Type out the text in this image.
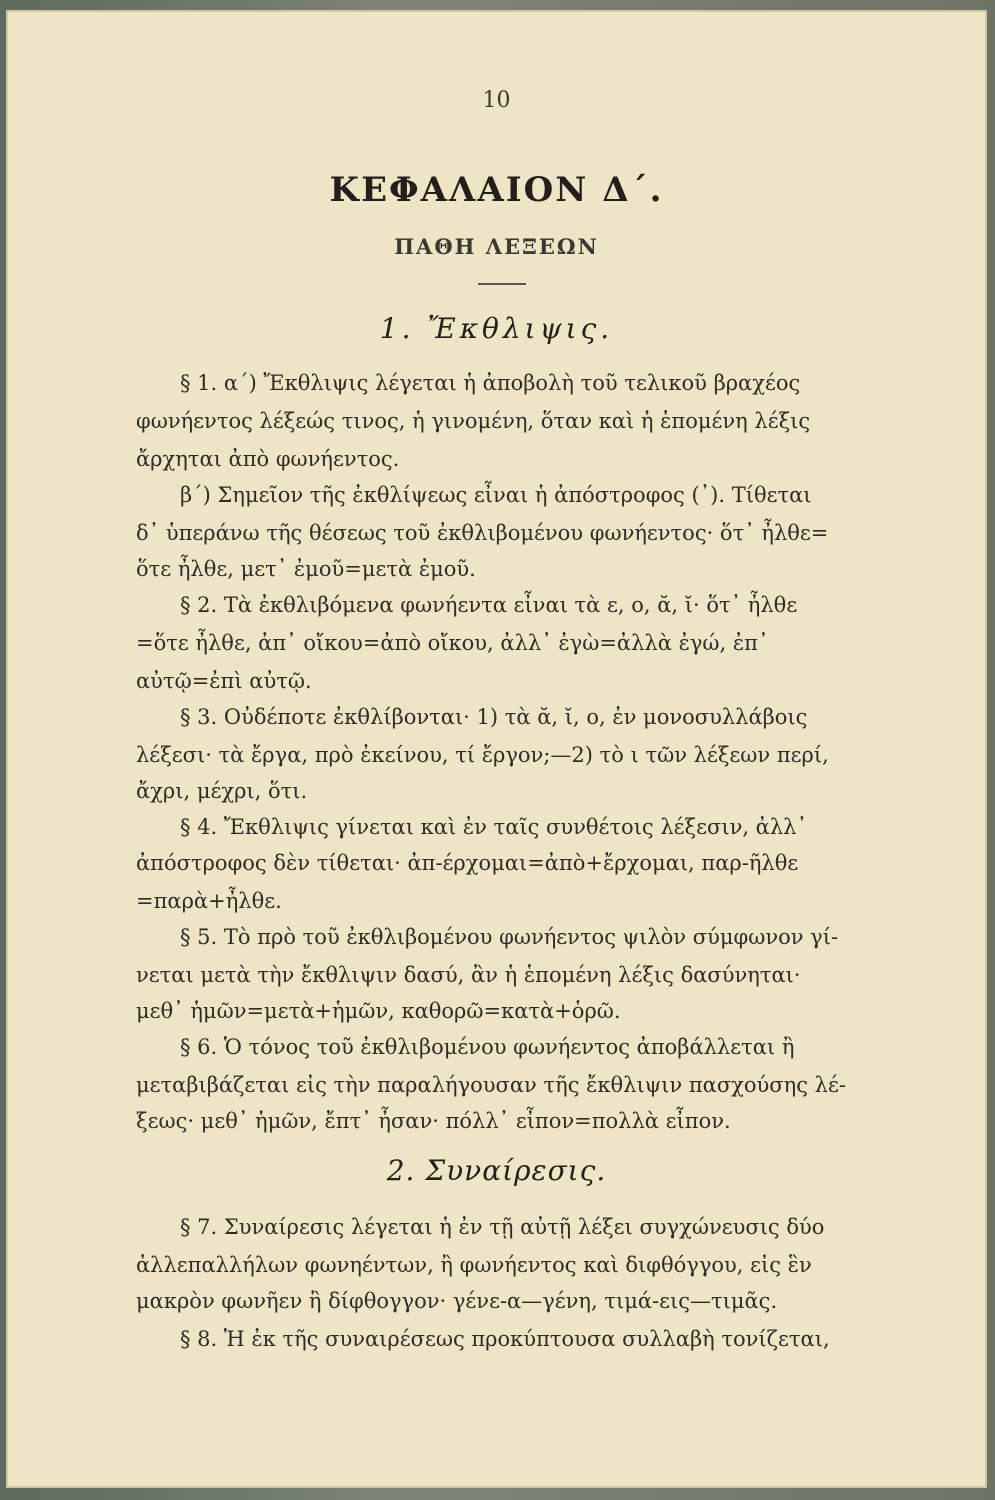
10
ΚΕΦΑΛΑΙΟΝ Δ΄.
ΠΑΘΗ ΛΕΞΕΩΝ
1. Ἔκθλιψις.
§ 1. α΄) Ἔκθλιψις λέγεται ἡ ἀποβολὴ τοῦ τελικοῦ βραχέος
φωνήεντος λέξεώς τινος, ἡ γινομένη, ὅταν καὶ ἡ ἑπομένη λέξις
ἄρχηται ἀπὸ φωνήεντος.
β΄) Σημεῖον τῆς ἐκθλίψεως εἶναι ἡ ἀπόστροφος (᾽). Τίθεται
δ᾽ ὑπεράνω τῆς θέσεως τοῦ ἐκθλιβομένου φωνήεντος· ὅτ᾽ ἦλθε=
ὅτε ἦλθε, μετ᾽ ἐμοῦ=μετὰ ἐμοῦ.
§ 2. Τὰ ἐκθλιβόμενα φωνήεντα εἶναι τὰ ε, ο, ᾰ, ῐ· ὅτ᾽ ἦλθε
=ὅτε ἦλθε, ἀπ᾽ οἴκου=ἀπὸ οἴκου, ἀλλ᾽ ἐγὼ=ἀλλὰ ἐγώ, ἐπ᾽
αὐτῷ=ἐπὶ αὐτῷ.
§ 3. Οὐδέποτε ἐκθλίβονται· 1) τὰ ᾰ, ῐ, ο, ἐν μονοσυλλάβοις
λέξεσι· τὰ ἔργα, πρὸ ἐκείνου, τί ἔργον;—2) τὸ ι τῶν λέξεων περί,
ἄχρι, μέχρι, ὅτι.
§ 4. Ἔκθλιψις γίνεται καὶ ἐν ταῖς συνθέτοις λέξεσιν, ἀλλ᾽
ἀπόστροφος δὲν τίθεται· ἀπ-έρχομαι=ἀπὸ+ἔρχομαι, παρ-ῆλθε
=παρὰ+ἦλθε.
§ 5. Τὸ πρὸ τοῦ ἐκθλιβομένου φωνήεντος ψιλὸν σύμφωνον γί-
νεται μετὰ τὴν ἔκθλιψιν δασύ, ἂν ἡ ἑπομένη λέξις δασύνηται·
μεθ᾽ ἡμῶν=μετὰ+ἡμῶν, καθορῶ=κατὰ+ὁρῶ.
§ 6. Ὁ τόνος τοῦ ἐκθλιβομένου φωνήεντος ἀποβάλλεται ἢ
μεταβιβάζεται εἰς τὴν παραλήγουσαν τῆς ἔκθλιψιν πασχούσης λέ-
ξεως· μεθ᾽ ἡμῶν, ἔπτ᾽ ἦσαν· πόλλ᾽ εἶπον=πολλὰ εἶπον.
2. Συναίρεσις.
§ 7. Συναίρεσις λέγεται ἡ ἐν τῇ αὐτῇ λέξει συγχώνευσις δύο
ἀλλεπαλλήλων φωνηέντων, ἢ φωνήεντος καὶ διφθόγγου, εἰς ἓν
μακρὸν φωνῆεν ἢ δίφθογγον· γένε-α—γένη, τιμά-εις—τιμᾶς.
§ 8. Ἡ ἐκ τῆς συναιρέσεως προκύπτουσα συλλαβὴ τονίζεται,
